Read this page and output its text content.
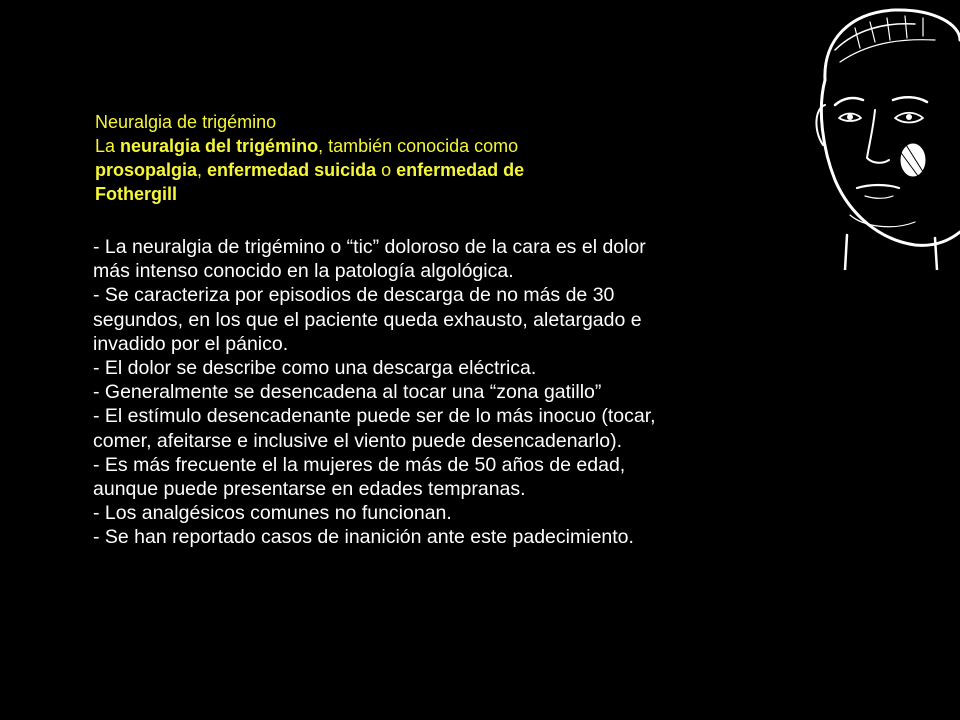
Neuralgia de trigémino
La neuralgia del trigémino, también conocida como
prosopalgia, enfermedad suicida o enfermedad de
Fothergill
- La neuralgia de trigémino o “tic” doloroso de la cara es el dolor
más intenso conocido en la patología algológica.
- Se caracteriza por episodios de descarga de no más de 30
segundos, en los que el paciente queda exhausto, aletargado e
invadido por el pánico.
- El dolor se describe como una descarga eléctrica.
- Generalmente se desencadena al tocar una “zona gatillo”
- El estímulo desencadenante puede ser de lo más inocuo (tocar,
comer, afeitarse e inclusive el viento puede desencadenarlo).
- Es más frecuente el la mujeres de más de 50 años de edad,
aunque puede presentarse en edades tempranas.
- Los analgésicos comunes no funcionan.
- Se han reportado casos de inanición ante este padecimiento.
